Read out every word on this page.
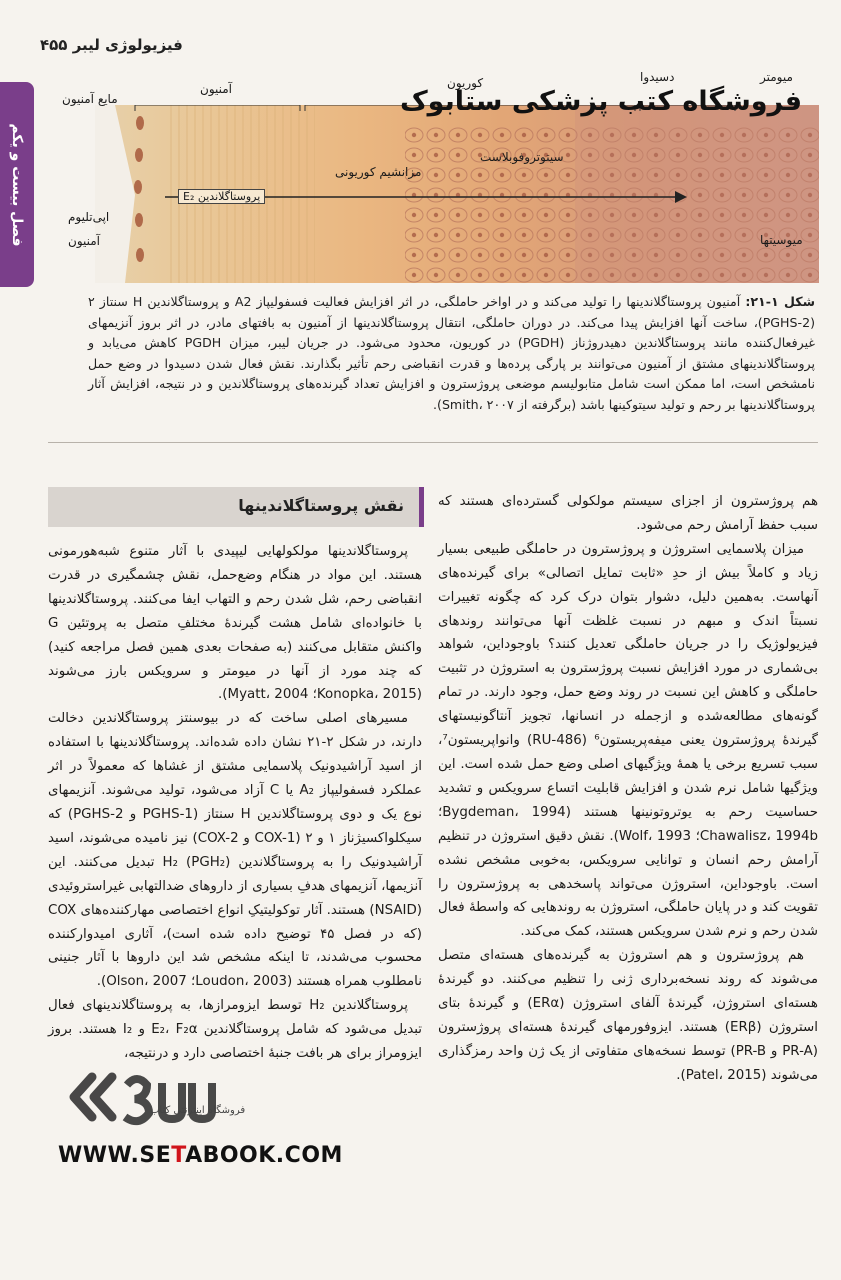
فیزیولوژی لیبر ۴۵۵
فصل بیست و یکم	پروستاگلاندین E₂
مزانشیم کوریونی
سیتوتروفوبلاست
میوسیتها
مایع آمنیون
آمنیون	کوریون	دسیدوا	میومتر
اپی‌تلیوم
آمنیون
فروشگاه کتب پزشکی ستابوک
شکل ۱-۲۱: آمنیون پروستاگلاندینها را تولید می‌کند و در اواخر حاملگی، در اثر افزایش فعالیت فسفولیپاز A2 و پروستاگلاندین H سنتاز ۲ (PGHS-2)، ساخت آنها افزایش پیدا می‌کند. در دوران حاملگی، انتقال پروستاگلاندینها از آمنیون به بافتهای مادر، در اثر بروز آنزیمهای غیرفعال‌کننده مانند پروستاگلاندین دهیدروژناز (PGDH) در کوریون، محدود می‌شود. در جریان لیبر، میزان PGDH کاهش می‌یابد و پروستاگلاندینهای مشتق از آمنیون می‌توانند بر پارگی پرده‌ها و قدرت انقباضی رحم تأثیر بگذارند. نقش فعال شدن دسیدوا در وضع حمل نامشخص است، اما ممکن است شامل متابولیسم موضعی پروژسترون و افزایش تعداد گیرنده‌های پروستاگلاندین و در نتیجه، افزایش آثار پروستاگلاندینها بر رحم و تولید سیتوکینها باشد (برگرفته از Smith، ۲۰۰۷).

هم پروژسترون از اجزای سیستم مولکولی گسترده‌ای هستند که سبب حفظ آرامش رحم می‌شود.

میزان پلاسمایی استروژن و پروژسترون در حاملگی طبیعی بسیار زیاد و کاملاً بیش از حدِ «ثابت تمایل اتصالی» برای گیرنده‌های آنهاست. به‌همین دلیل، دشوار بتوان درک کرد که چگونه تغییرات نسبتاً اندک و مبهم در نسبت غلظت آنها می‌توانند روندهای فیزیولوژیک را در جریان حاملگی تعدیل کنند؟ باوجوداین، شواهد بی‌شماری در مورد افزایش نسبت پروژسترون به استروژن در تثبیت حاملگی و کاهش این نسبت در روند وضع حمل، وجود دارند. در تمام گونه‌های مطالعه‌شده و ازجمله در انسانها، تجویز آنتاگونیستهای گیرندهٔ پروژسترون یعنی میفه‌پریستون⁶ (RU-486) وانواپریستون⁷، سبب تسریع برخی یا همهٔ ویژگیهای اصلی وضع حمل شده است. این ویژگیها شامل نرم شدن و افزایش قابلیت اتساع سرویکس و تشدید حساسیت رحم به یوتروتونینها هستند (Bygdeman، 1994؛ Chawalisz، 1994b؛ Wolf، 1993). نقش دقیق استروژن در تنظیم آرامش رحم انسان و توانایی سرویکس، به‌خوبی مشخص نشده است. باوجوداین، استروژن می‌تواند پاسخدهی به پروژسترون را تقویت کند و در پایان حاملگی، استروژن به روندهایی که واسطهٔ فعال شدن رحم و نرم شدن سرویکس هستند، کمک می‌کند.

هم پروژسترون و هم استروژن به گیرنده‌های هسته‌ای متصل می‌شوند که روند نسخه‌برداری ژنی را تنظیم می‌کنند. دو گیرندهٔ هسته‌ای استروژن، گیرندهٔ آلفای استروژن (ERα) و گیرندهٔ بتای استروژن (ERβ) هستند. ایزوفورمهای گیرندهٔ هسته‌ای پروژسترون (PR-A و PR-B) توسط نسخه‌های متفاوتی از یک ژن واحد رمزگذاری می‌شوند (Patel، 2015).

نقش پروستاگلاندینها

پروستاگلاندینها مولکولهایی لیپیدی با آثار متنوع شبه‌هورمونی هستند. این مواد در هنگام وضع‌حمل، نقش چشمگیری در قدرت انقباضی رحم، شل شدن رحم و التهاب ایفا می‌کنند. پروستاگلاندینها با خانواده‌ای شامل هشت گیرندهٔ مختلفِ متصل به پروتئین G واکنش متقابل می‌کنند (به صفحات بعدی همین فصل مراجعه کنید) که چند مورد از آنها در میومتر و سرویکس بارز می‌شوند (Konopka، 2015؛ Myatt، 2004).

مسیرهای اصلی ساخت که در بیوسنتز پروستاگلاندین دخالت دارند، در شکل ۲-۲۱ نشان داده شده‌اند. پروستاگلاندینها با استفاده از اسید آراشیدونیک پلاسمایی مشتق از غشاها که معمولاً در اثر عملکرد فسفولیپاز A₂ یا C آزاد می‌شود، تولید می‌شوند. آنزیمهای نوع یک و دوی پروستاگلاندین H سنتاز (PGHS-1 و PGHS-2) که سیکلواکسیژناز ۱ و ۲ (COX-1 و COX-2) نیز نامیده می‌شوند، اسید آراشیدونیک را به پروستاگلاندین H₂ (PGH₂) تبدیل می‌کنند. این آنزیمها، آنزیمهای هدفِ بسیاری از داروهای ضدالتهابی غیراستروئیدی (NSAID) هستند. آثار توکولیتیکِ انواع اختصاصی مهارکننده‌های COX (که در فصل ۴۵ توضیح داده شده است)، آثاری امیدوارکننده محسوب می‌شدند، تا اینکه مشخص شد این داروها با آثار جنینی نامطلوب همراه هستند (Loudon، 2003؛ Olson، 2007).

پروستاگلاندین H₂ توسط ایزومرازها، به پروستاگلاندینهای فعال تبدیل می‌شود که شامل پروستاگلاندین E₂، F₂α و I₂ هستند. بروز ایزومراز برای هر بافت جنبهٔ اختصاصی دارد و درنتیجه،

فروشگاه اینترنتی کتاب
WWW.SETABOOK.COM
